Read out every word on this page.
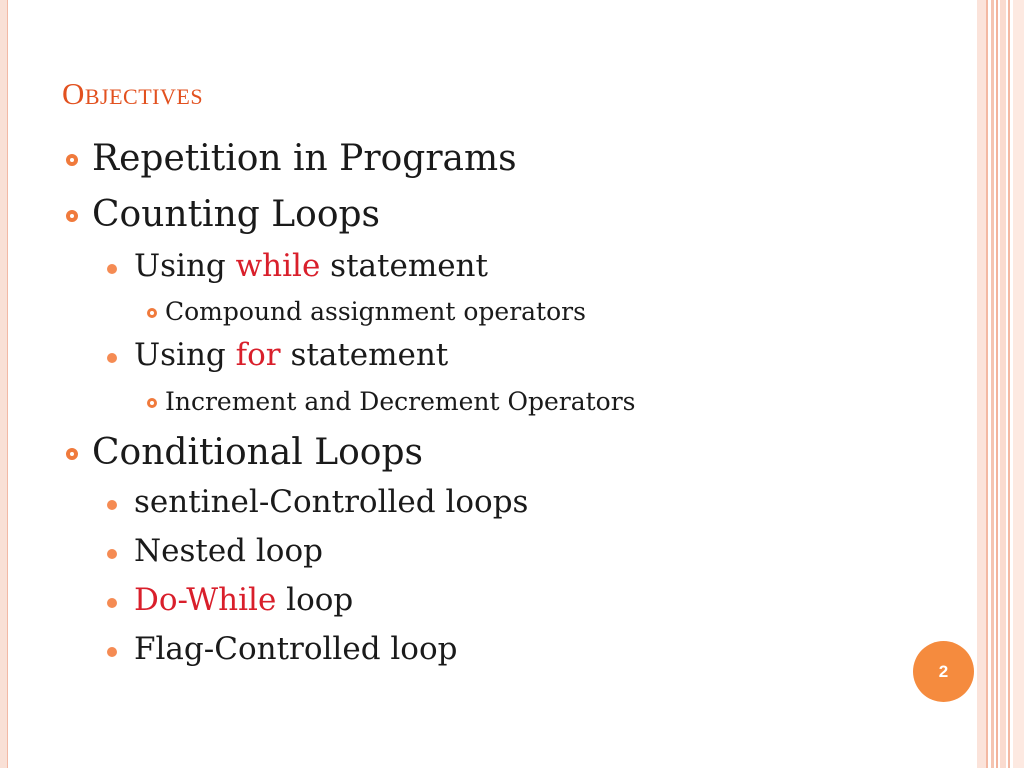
Objectives
Repetition in Programs
Counting Loops
Using while statement
Compound assignment operators
Using for statement
Increment and Decrement Operators
Conditional Loops
sentinel-Controlled loops
Nested loop
Do-While loop
Flag-Controlled loop
2
